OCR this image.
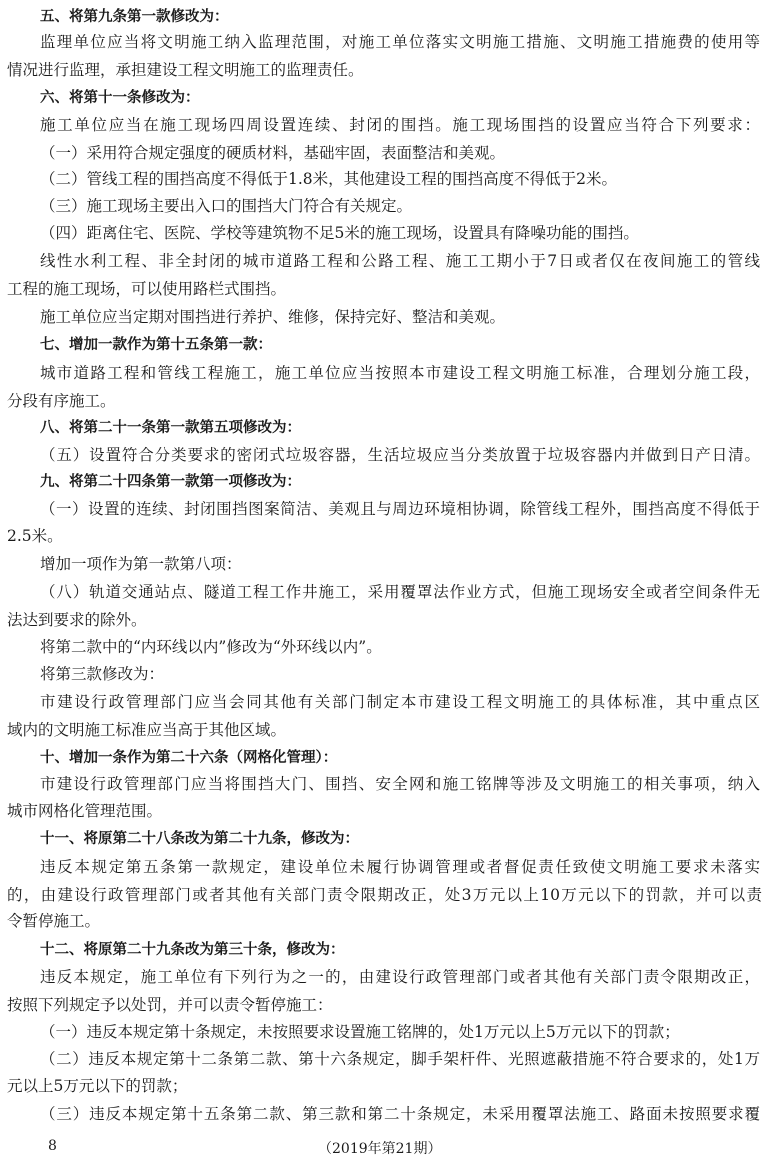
五、将第九条第一款修改为：
监理单位应当将文明施工纳入监理范围，对施工单位落实文明施工措施、文明施工措施费的使用等
情况进行监理，承担建设工程文明施工的监理责任。
六、将第十一条修改为：
施工单位应当在施工现场四周设置连续、封闭的围挡。施工现场围挡的设置应当符合下列要求：
（一）采用符合规定强度的硬质材料，基础牢固，表面整洁和美观。
（二）管线工程的围挡高度不得低于1.8米，其他建设工程的围挡高度不得低于2米。
（三）施工现场主要出入口的围挡大门符合有关规定。
（四）距离住宅、医院、学校等建筑物不足5米的施工现场，设置具有降噪功能的围挡。
线性水利工程、非全封闭的城市道路工程和公路工程、施工工期小于7日或者仅在夜间施工的管线
工程的施工现场，可以使用路栏式围挡。
施工单位应当定期对围挡进行养护、维修，保持完好、整洁和美观。
七、增加一款作为第十五条第一款：
城市道路工程和管线工程施工，施工单位应当按照本市建设工程文明施工标准，合理划分施工段，
分段有序施工。
八、将第二十一条第一款第五项修改为：
（五）设置符合分类要求的密闭式垃圾容器，生活垃圾应当分类放置于垃圾容器内并做到日产日清。
九、将第二十四条第一款第一项修改为：
（一）设置的连续、封闭围挡图案简洁、美观且与周边环境相协调，除管线工程外，围挡高度不得低于
2.5米。
增加一项作为第一款第八项：
（八）轨道交通站点、隧道工程工作井施工，采用覆罩法作业方式，但施工现场安全或者空间条件无
法达到要求的除外。
将第二款中的“内环线以内”修改为“外环线以内”。
将第三款修改为：
市建设行政管理部门应当会同其他有关部门制定本市建设工程文明施工的具体标准，其中重点区
域内的文明施工标准应当高于其他区域。
十、增加一条作为第二十六条（网格化管理）：
市建设行政管理部门应当将围挡大门、围挡、安全网和施工铭牌等涉及文明施工的相关事项，纳入
城市网格化管理范围。
十一、将原第二十八条改为第二十九条，修改为：
违反本规定第五条第一款规定，建设单位未履行协调管理或者督促责任致使文明施工要求未落实
的，由建设行政管理部门或者其他有关部门责令限期改正，处3万元以上10万元以下的罚款，并可以责
令暂停施工。
十二、将原第二十九条改为第三十条，修改为：
违反本规定，施工单位有下列行为之一的，由建设行政管理部门或者其他有关部门责令限期改正，
按照下列规定予以处罚，并可以责令暂停施工：
（一）违反本规定第十条规定，未按照要求设置施工铭牌的，处1万元以上5万元以下的罚款；
（二）违反本规定第十二条第二款、第十六条规定，脚手架杆件、光照遮蔽措施不符合要求的，处1万
元以上5万元以下的罚款；
（三）违反本规定第十五条第二款、第三款和第二十条规定，未采用覆罩法施工、路面未按照要求覆
8	（2019年第21期）
